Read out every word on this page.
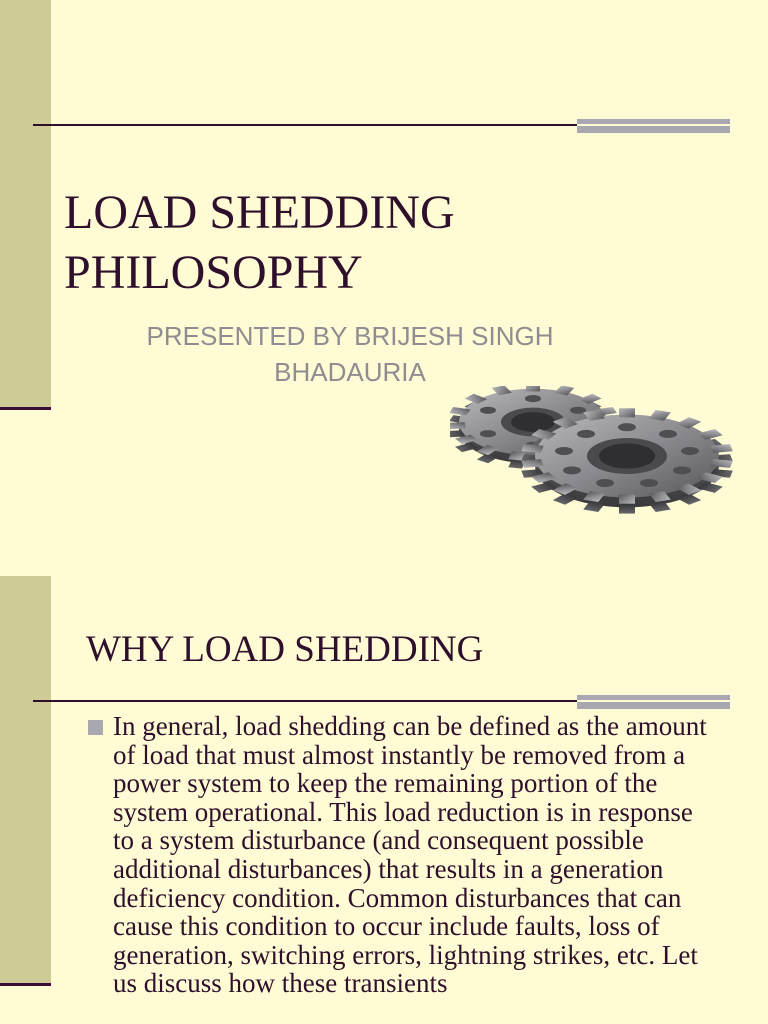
LOAD SHEDDING
PHILOSOPHY

PRESENTED BY BRIJESH SINGH
BHADAURIA

WHY LOAD SHEDDING

In general, load shedding can be defined as the amount of load that must almost instantly be removed from a power system to keep the remaining portion of the system operational. This load reduction is in response to a system disturbance (and consequent possible additional disturbances) that results in a generation deficiency condition. Common disturbances that can cause this condition to occur include faults, loss of generation, switching errors, lightning strikes, etc. Let us discuss how these transients
